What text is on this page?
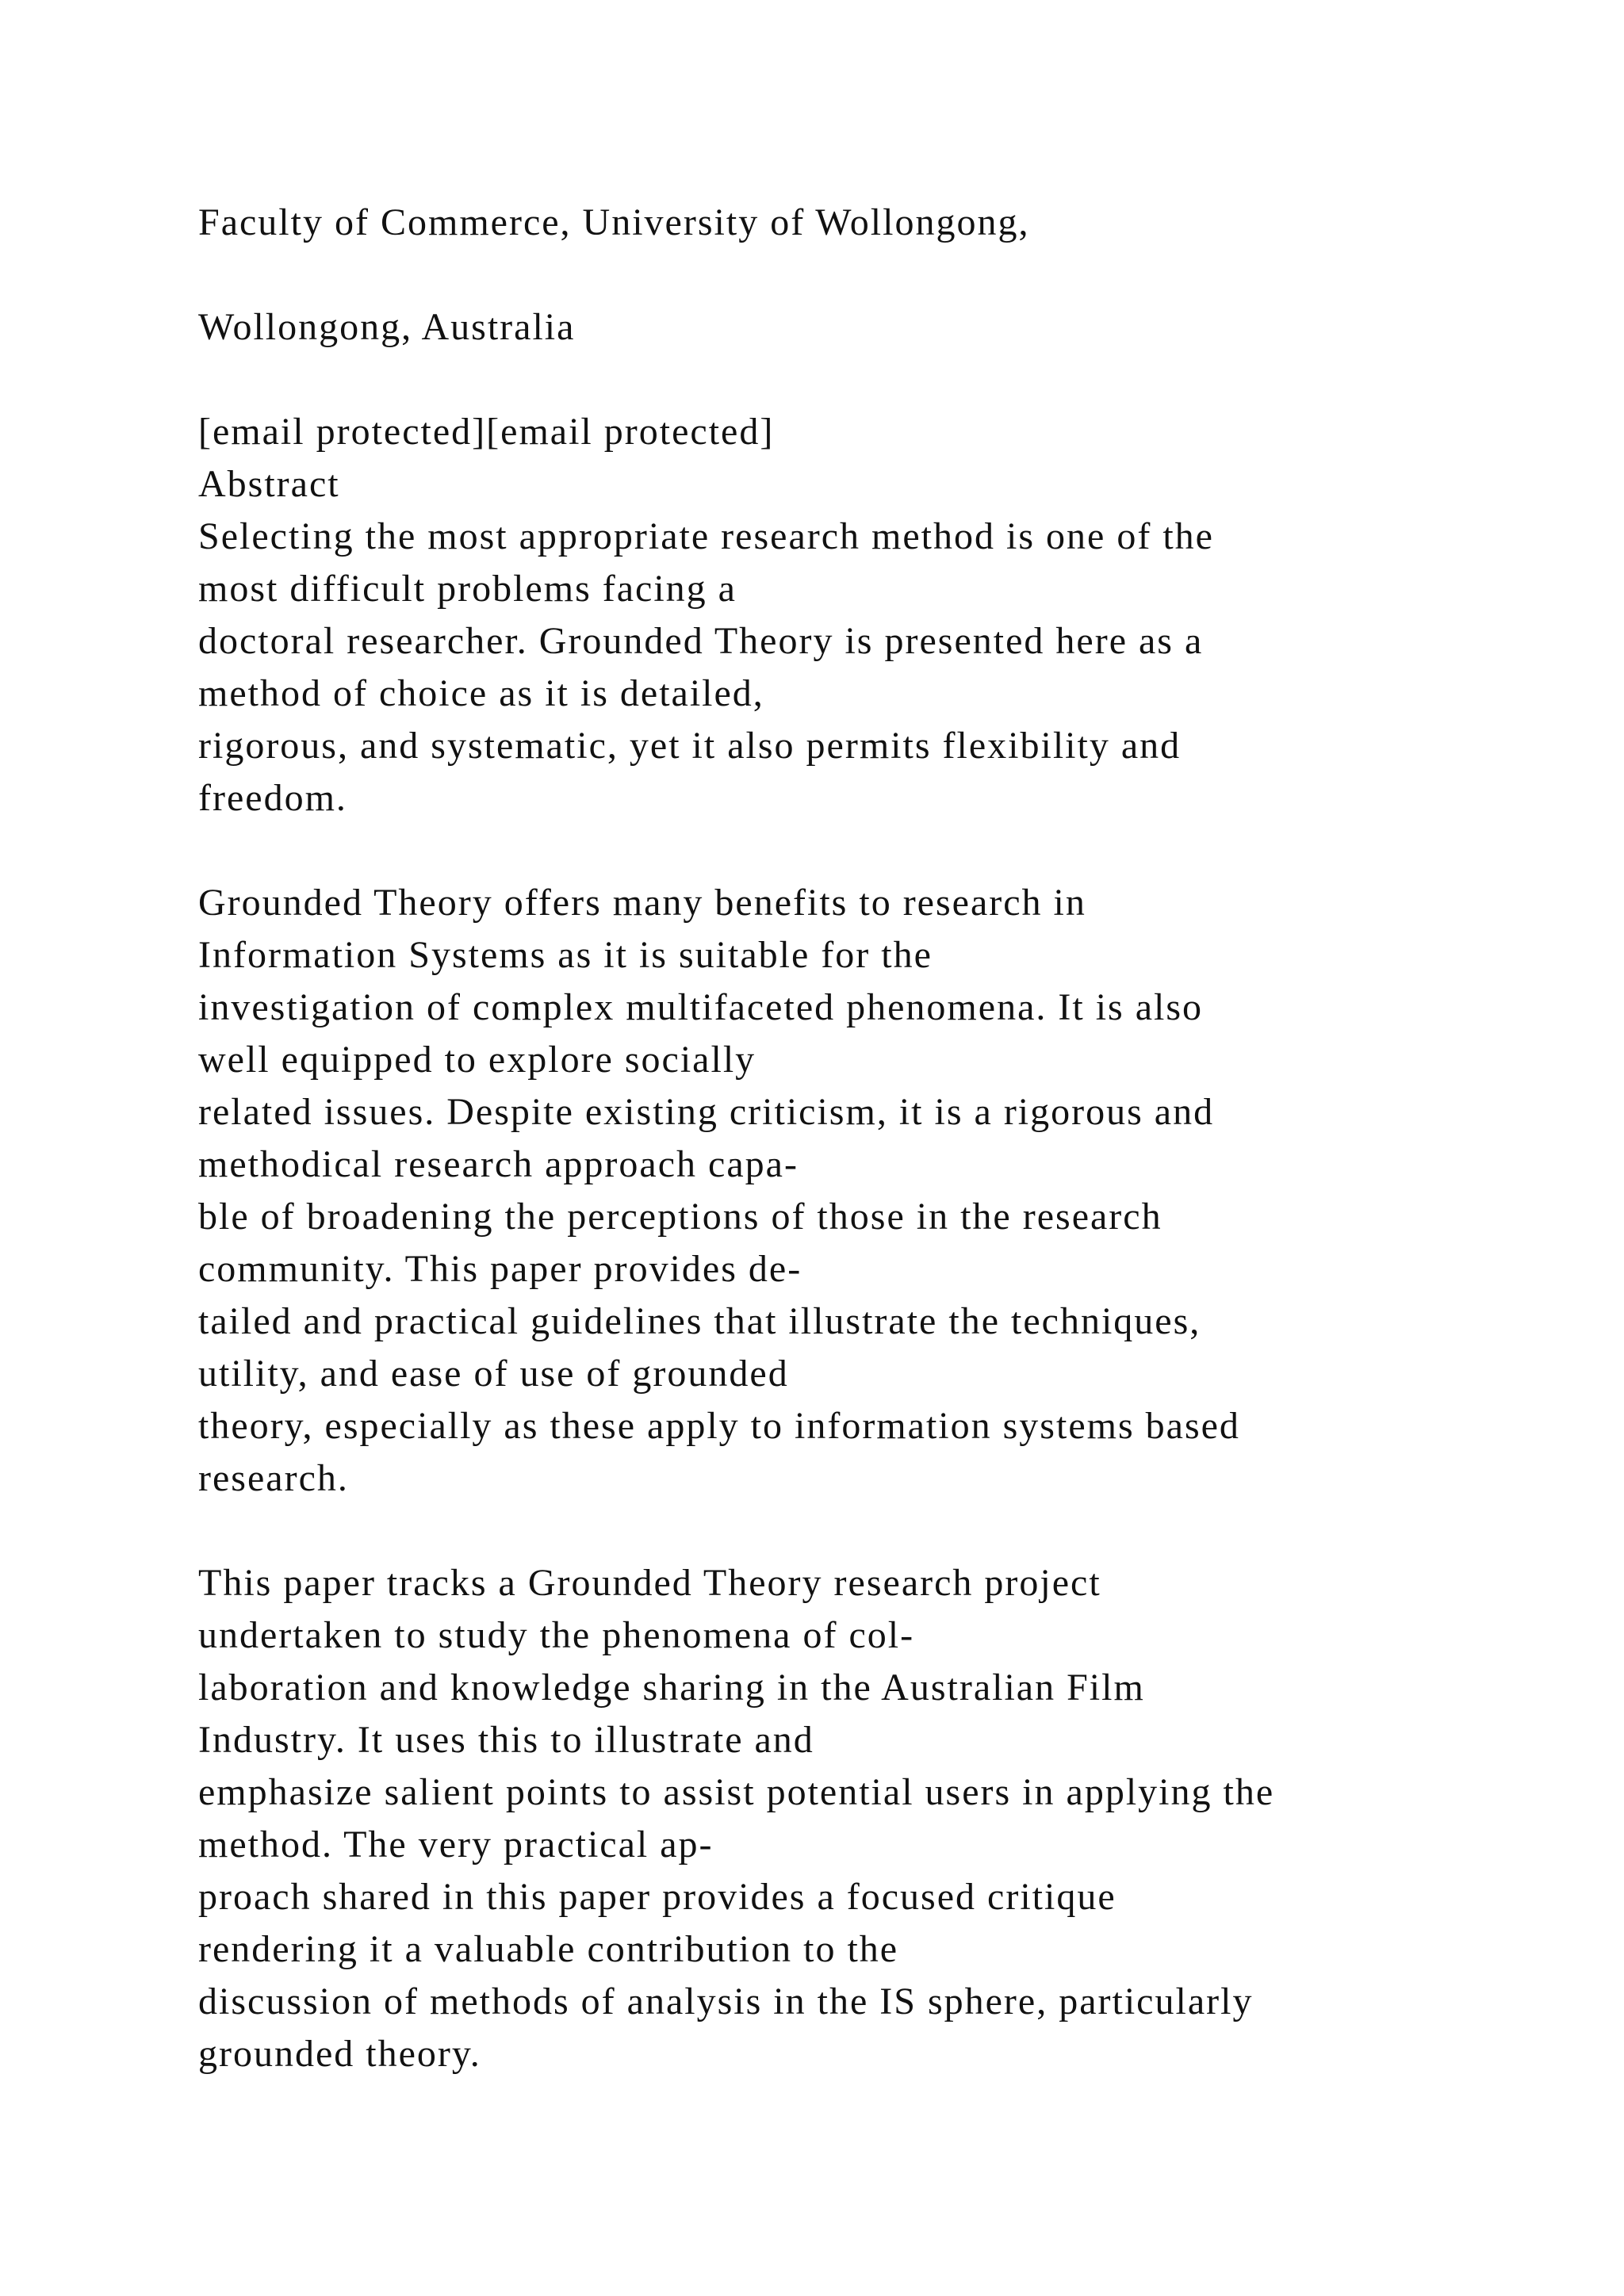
Faculty of Commerce, University of Wollongong,
Wollongong, Australia
[email protected][email protected]
Abstract
Selecting the most appropriate research method is one of the
most difficult problems facing a
doctoral researcher. Grounded Theory is presented here as a
method of choice as it is detailed,
rigorous, and systematic, yet it also permits flexibility and
freedom.
Grounded Theory offers many benefits to research in
Information Systems as it is suitable for the
investigation of complex multifaceted phenomena. It is also
well equipped to explore socially
related issues. Despite existing criticism, it is a rigorous and
methodical research approach capa-
ble of broadening the perceptions of those in the research
community. This paper provides de-
tailed and practical guidelines that illustrate the techniques,
utility, and ease of use of grounded
theory, especially as these apply to information systems based
research.
This paper tracks a Grounded Theory research project
undertaken to study the phenomena of col-
laboration and knowledge sharing in the Australian Film
Industry. It uses this to illustrate and
emphasize salient points to assist potential users in applying the
method. The very practical ap-
proach shared in this paper provides a focused critique
rendering it a valuable contribution to the
discussion of methods of analysis in the IS sphere, particularly
grounded theory.
